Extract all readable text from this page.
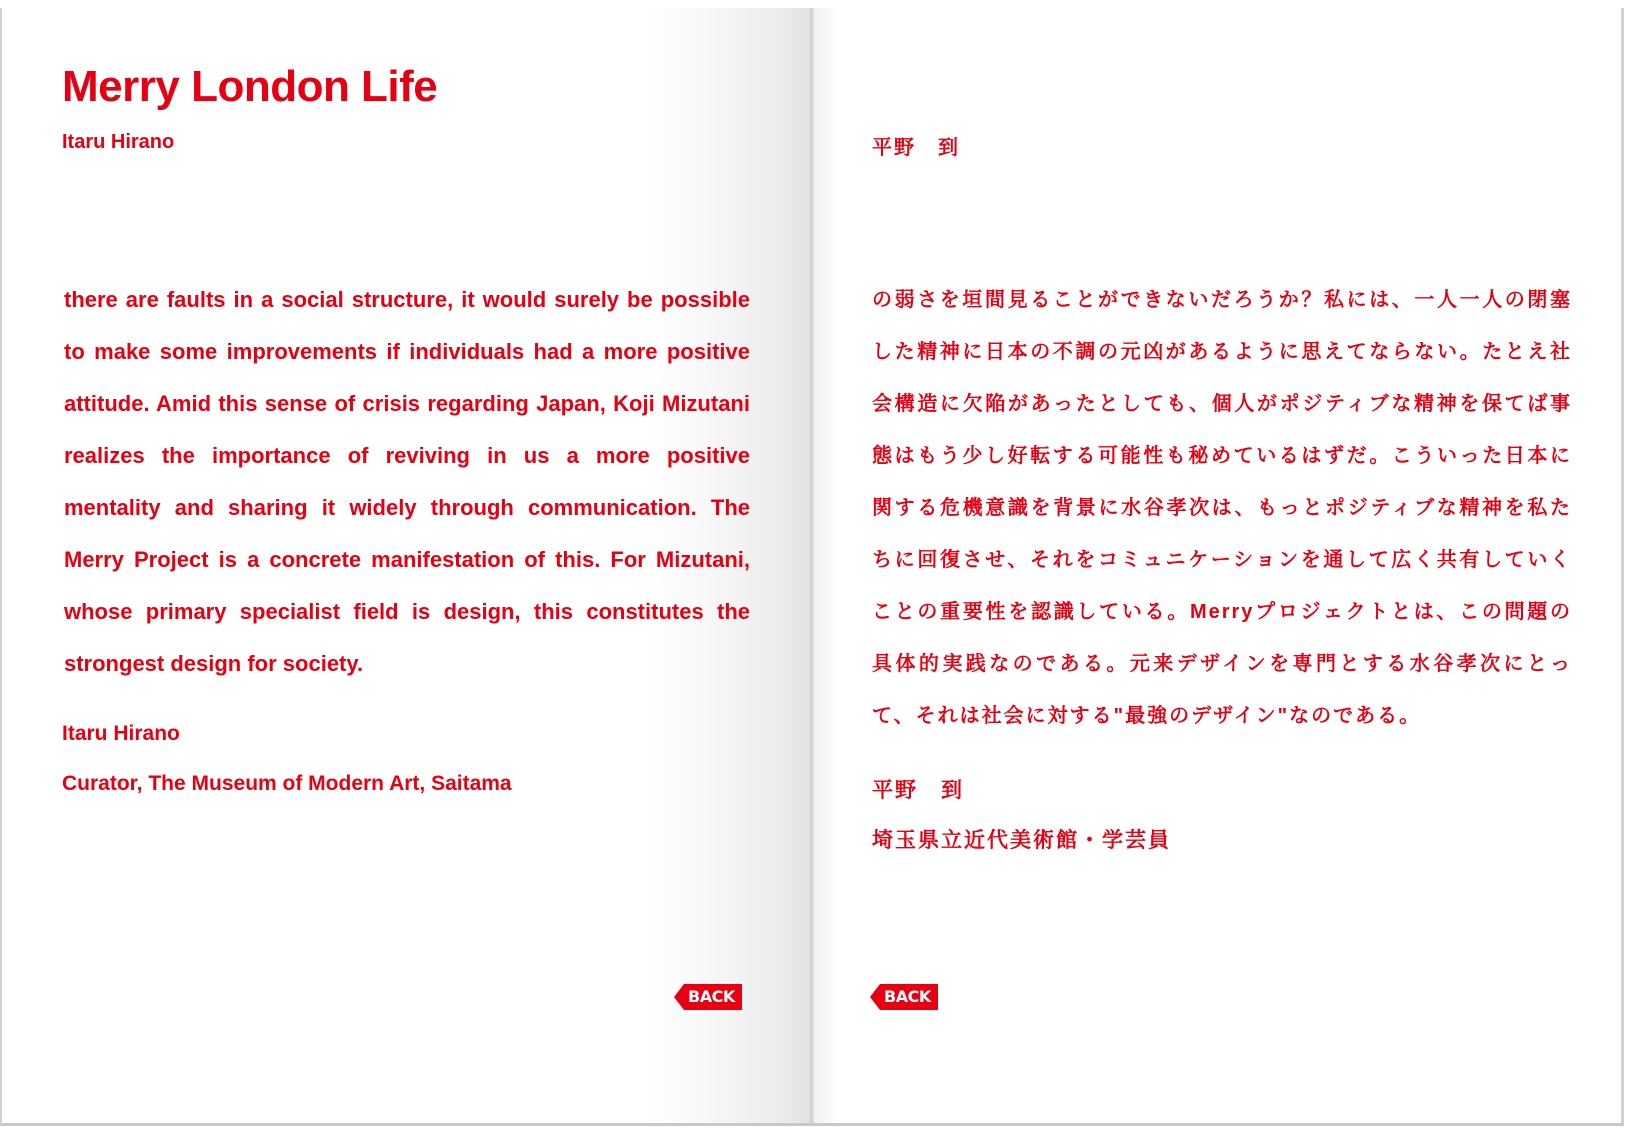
Merry London Life
Itaru Hirano

there are faults in a social structure, it would surely be possible to make some improvements if individuals had a more positive attitude. Amid this sense of crisis regarding Japan, Koji Mizutani realizes the importance of reviving in us a more positive mentality and sharing it widely through communication. The Merry Project is a concrete manifestation of this. For Mizutani, whose primary specialist field is design, this constitutes the strongest design for society.

Itaru Hirano
Curator, The Museum of Modern Art, Saitama
BACK
平野　到

の弱さを垣間見ることができないだろうか？私には、一人一人の閉塞した精神に日本の不調の元凶があるように思えてならない。たとえ社会構造に欠陥があったとしても、個人がポジティブな精神を保てば事態はもう少し好転する可能性も秘めているはずだ。こういった日本に関する危機意識を背景に水谷孝次は、もっとポジティブな精神を私たちに回復させ、それをコミュニケーションを通して広く共有していくことの重要性を認識している。Merryプロジェクトとは、この問題の具体的実践なのである。元来デザインを専門とする水谷孝次にとって、それは社会に対する"最強のデザイン"なのである。

平野　到
埼玉県立近代美術館・学芸員
BACK
